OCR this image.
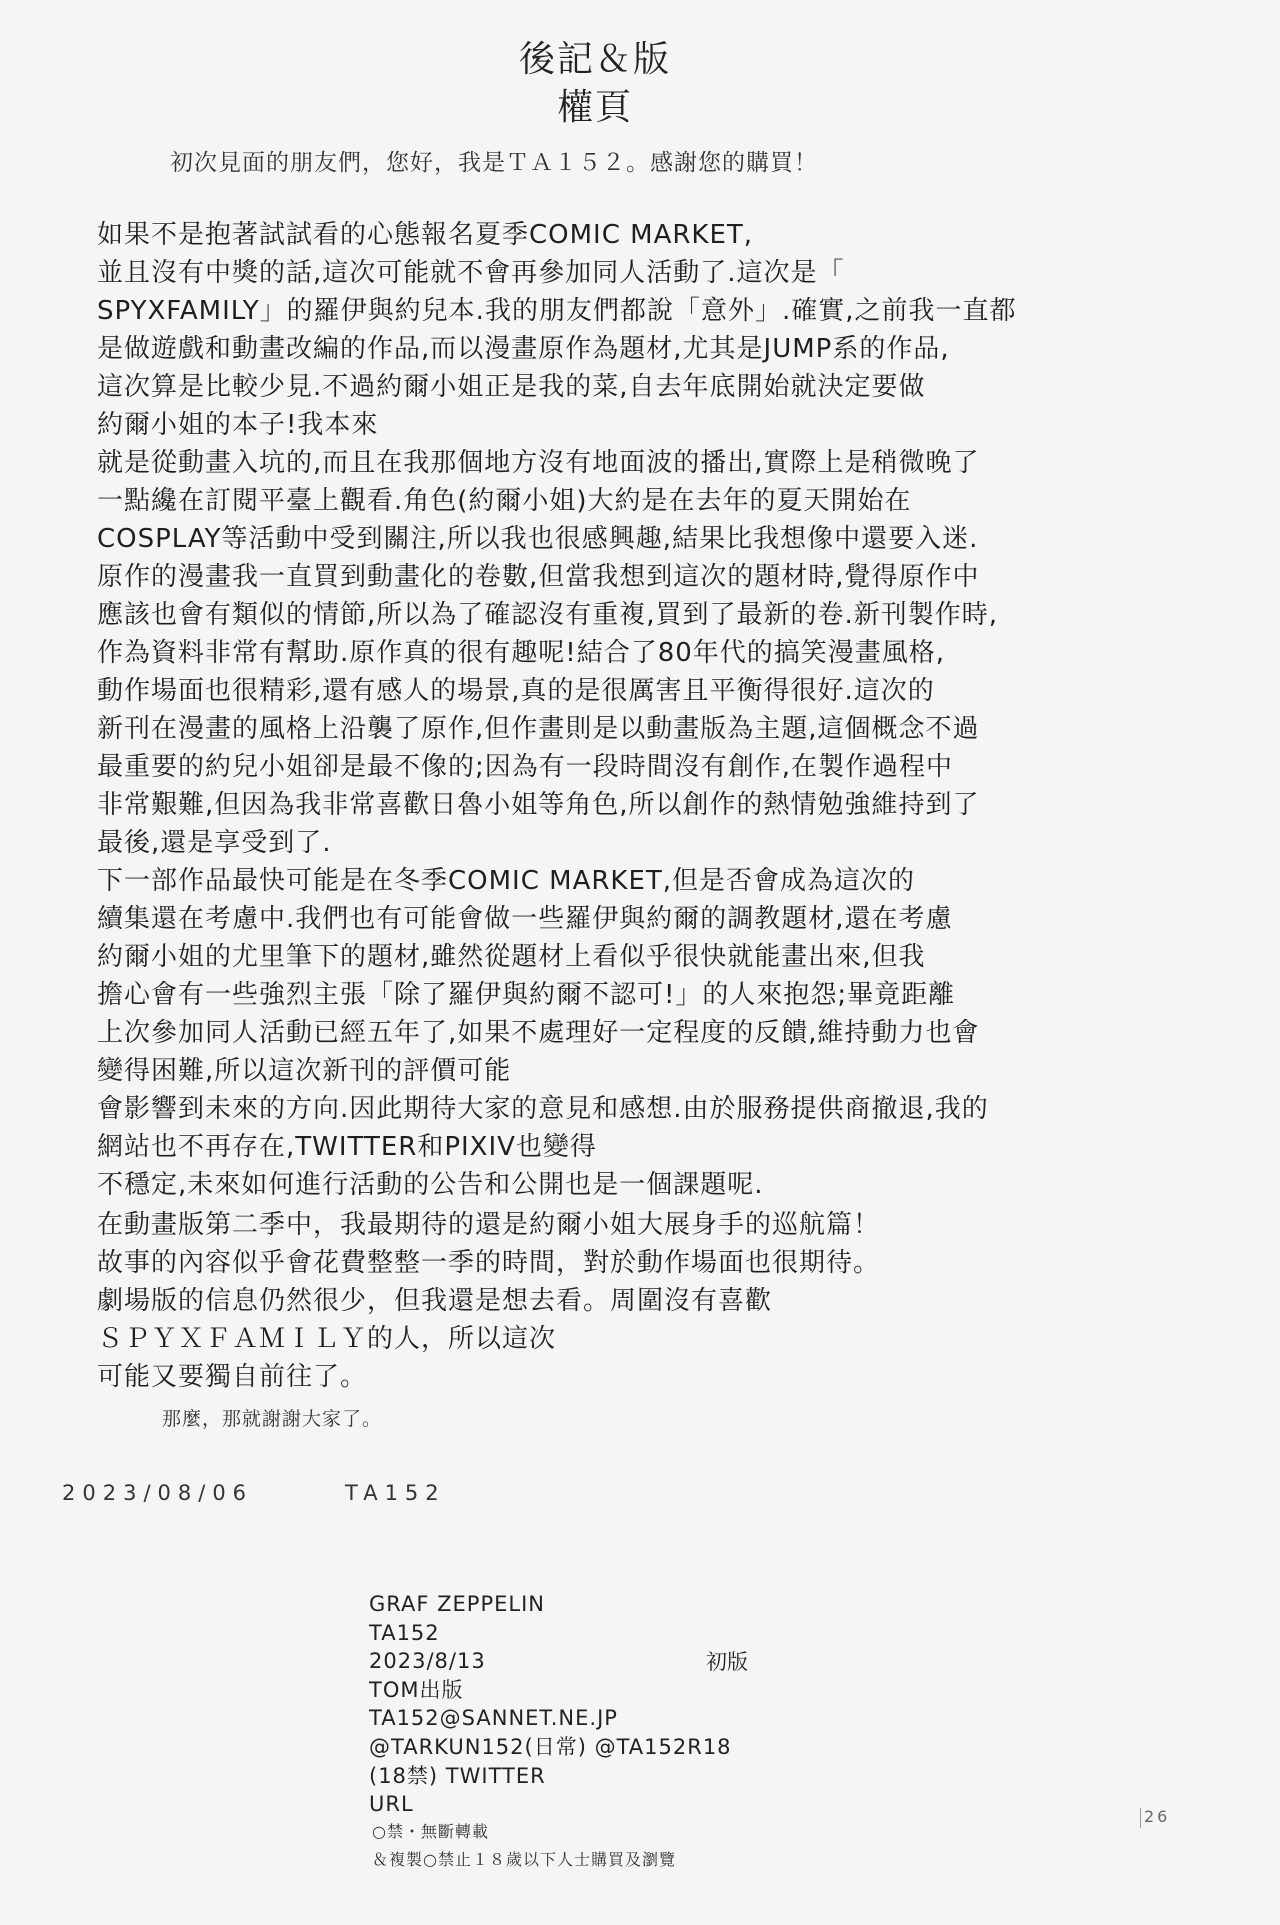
後記＆版
權頁
初次見面的朋友們，您好，我是ＴＡ１５２。感謝您的購買！
如果不是抱著試試看的心態報名夏季COMIC MARKET,
並且沒有中獎的話,這次可能就不會再參加同人活動了.這次是「
SPYXFAMILY」的羅伊與約兒本.我的朋友們都說「意外」.確實,之前我一直都
是做遊戲和動畫改編的作品,而以漫畫原作為題材,尤其是JUMP系的作品,
這次算是比較少見.不過約爾小姐正是我的菜,自去年底開始就決定要做
約爾小姐的本子!我本來
就是從動畫入坑的,而且在我那個地方沒有地面波的播出,實際上是稍微晚了
一點纔在訂閱平臺上觀看.角色(約爾小姐)大約是在去年的夏天開始在
COSPLAY等活動中受到關注,所以我也很感興趣,結果比我想像中還要入迷.
原作的漫畫我一直買到動畫化的卷數,但當我想到這次的題材時,覺得原作中
應該也會有類似的情節,所以為了確認沒有重複,買到了最新的卷.新刊製作時,
作為資料非常有幫助.原作真的很有趣呢!結合了80年代的搞笑漫畫風格,
動作場面也很精彩,還有感人的場景,真的是很厲害且平衡得很好.這次的
新刊在漫畫的風格上沿襲了原作,但作畫則是以動畫版為主題,這個概念不過
最重要的約兒小姐卻是最不像的;因為有一段時間沒有創作,在製作過程中
非常艱難,但因為我非常喜歡日魯小姐等角色,所以創作的熱情勉強維持到了
最後,還是享受到了.
下一部作品最快可能是在冬季COMIC MARKET,但是否會成為這次的
續集還在考慮中.我們也有可能會做一些羅伊與約爾的調教題材,還在考慮
約爾小姐的尤里筆下的題材,雖然從題材上看似乎很快就能畫出來,但我
擔心會有一些強烈主張「除了羅伊與約爾不認可!」的人來抱怨;畢竟距離
上次參加同人活動已經五年了,如果不處理好一定程度的反饋,維持動力也會
變得困難,所以這次新刊的評價可能
會影響到未來的方向.因此期待大家的意見和感想.由於服務提供商撤退,我的
網站也不再存在,TWITTER和PIXIV也變得
不穩定,未來如何進行活動的公告和公開也是一個課題呢.
在動畫版第二季中，我最期待的還是約爾小姐大展身手的巡航篇！
故事的內容似乎會花費整整一季的時間，對於動作場面也很期待。
劇場版的信息仍然很少，但我還是想去看。周圍沒有喜歡
ＳＰＹＸＦＡＭＩＬＹ的人，所以這次
可能又要獨自前往了。
那麼，那就謝謝大家了。
2023/08/06	TA152
GRAF ZEPPELIN
TA152
2023/8/13
TOM出版
TA152@SANNET.NE.JP
@TARKUN152(日常) @TA152R18
(18禁) TWITTER
URL
初版
○禁・無斷轉載
＆複製○禁止１８歲以下人士購買及瀏覽
26
